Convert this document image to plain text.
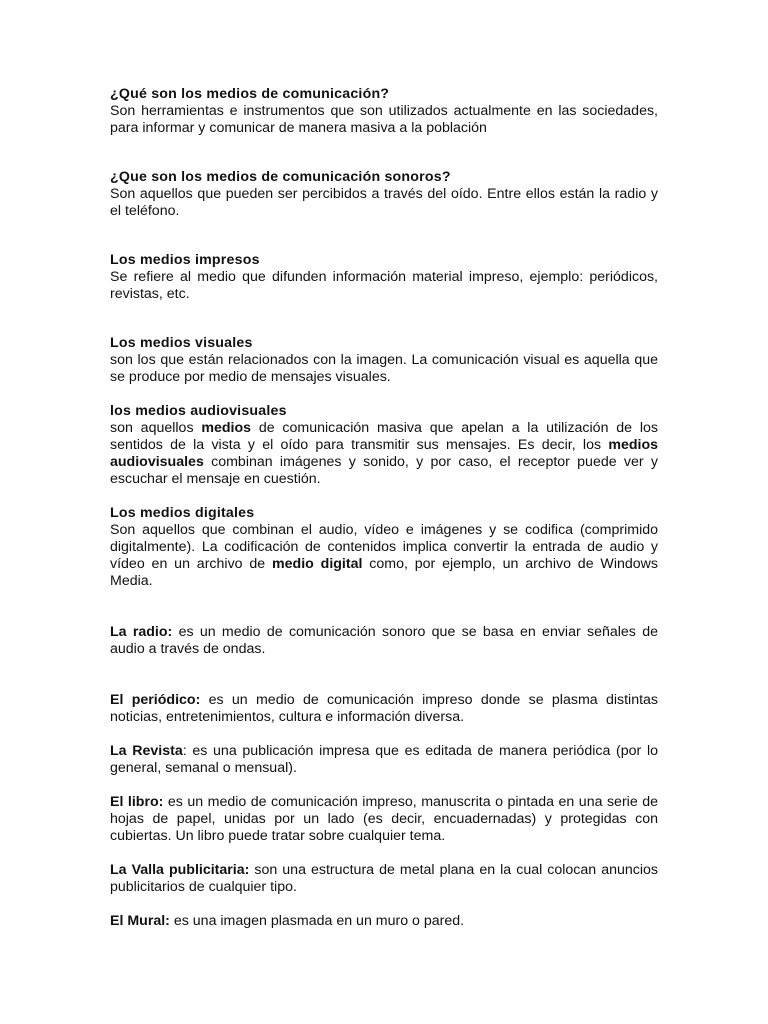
¿Qué son los medios de comunicación?
Son herramientas e instrumentos que son utilizados actualmente en las sociedades, para informar y comunicar de manera masiva a la población
¿Que son los medios de comunicación sonoros?
Son aquellos que pueden ser percibidos a través del oído. Entre ellos están la radio y el teléfono.
Los medios impresos
Se refiere al medio que difunden información material impreso, ejemplo: periódicos, revistas, etc.
Los medios visuales
son los que están relacionados con la imagen. La comunicación visual es aquella que se produce por medio de mensajes visuales.
los medios audiovisuales
son aquellos medios de comunicación masiva que apelan a la utilización de los sentidos de la vista y el oído para transmitir sus mensajes. Es decir, los medios audiovisuales combinan imágenes y sonido, y por caso, el receptor puede ver y escuchar el mensaje en cuestión.
Los medios digitales
Son aquellos que combinan el audio, vídeo e imágenes y se codifica (comprimido digitalmente). La codificación de contenidos implica convertir la entrada de audio y vídeo en un archivo de medio digital como, por ejemplo, un archivo de Windows Media.
La radio: es un medio de comunicación sonoro que se basa en enviar señales de audio a través de ondas.
El periódico: es un medio de comunicación impreso donde se plasma distintas noticias, entretenimientos, cultura e información diversa.
La Revista: es una publicación impresa que es editada de manera periódica (por lo general, semanal o mensual).
El libro: es un medio de comunicación impreso, manuscrita o pintada en una serie de hojas de papel, unidas por un lado (es decir, encuadernadas) y protegidas con cubiertas. Un libro puede tratar sobre cualquier tema.
La Valla publicitaria: son una estructura de metal plana en la cual colocan anuncios publicitarios de cualquier tipo.
El Mural: es una imagen plasmada en un muro o pared.
